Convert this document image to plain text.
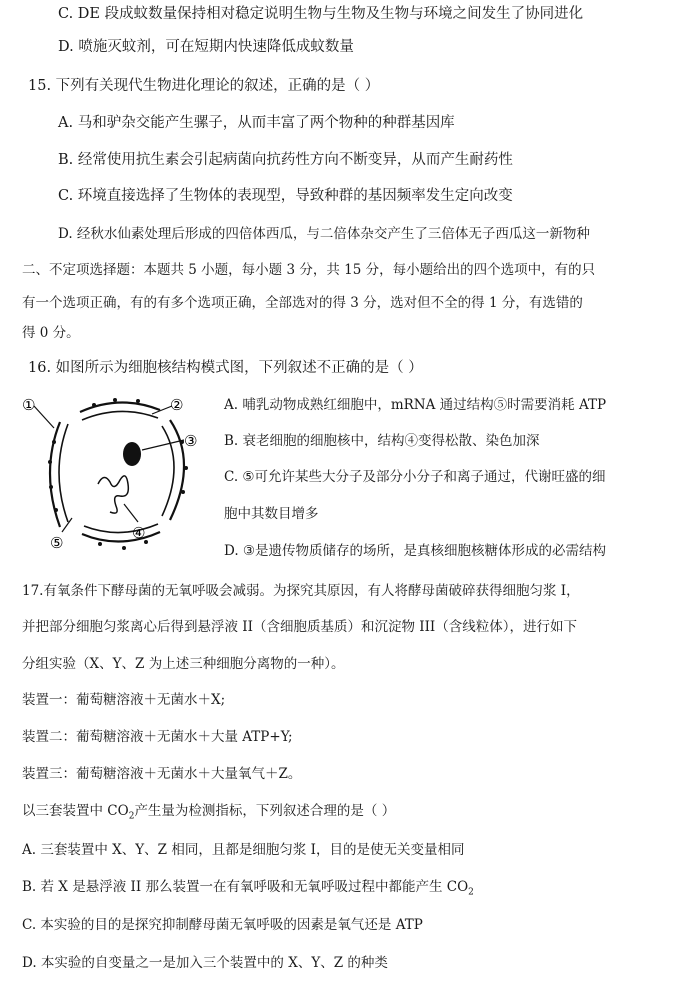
C. DE 段成蚊数量保持相对稳定说明生物与生物及生物与环境之间发生了协同进化
D. 喷施灭蚊剂，可在短期内快速降低成蚊数量
15. 下列有关现代生物进化理论的叙述，正确的是（ ）
A. 马和驴杂交能产生骡子，从而丰富了两个物种的种群基因库
B. 经常使用抗生素会引起病菌向抗药性方向不断变异，从而产生耐药性
C. 环境直接选择了生物体的表现型，导致种群的基因频率发生定向改变
D. 经秋水仙素处理后形成的四倍体西瓜，与二倍体杂交产生了三倍体无子西瓜这一新物种
二、不定项选择题：本题共 5 小题，每小题 3 分，共 15 分，每小题给出的四个选项中，有的只
有一个选项正确，有的有多个选项正确，全部选对的得 3 分，选对但不全的得 1 分，有选错的
得 0 分。
16. 如图所示为细胞核结构模式图，下列叙述不正确的是（ ）
①	②
③
④
⑤
A. 哺乳动物成熟红细胞中，mRNA 通过结构⑤时需要消耗 ATP
B. 衰老细胞的细胞核中，结构④变得松散、染色加深
C. ⑤可允许某些大分子及部分小分子和离子通过，代谢旺盛的细
胞中其数目增多
D. ③是遗传物质储存的场所，是真核细胞核糖体形成的必需结构
17.有氧条件下酵母菌的无氧呼吸会减弱。为探究其原因，有人将酵母菌破碎获得细胞匀浆 I，
并把部分细胞匀浆离心后得到悬浮液 II（含细胞质基质）和沉淀物 III（含线粒体），进行如下
分组实验（X、Y、Z 为上述三种细胞分离物的一种）。
装置一：葡萄糖溶液＋无菌水＋X;
装置二：葡萄糖溶液＋无菌水＋大量 ATP+Y;
装置三：葡萄糖溶液＋无菌水＋大量氧气＋Z。
以三套装置中 $CO_2$产生量为检测指标，下列叙述合理的是（ ）
A. 三套装置中 X、Y、Z 相同，且都是细胞匀浆 I，目的是使无关变量相同
B. 若 X 是悬浮液 II 那么装置一在有氧呼吸和无氧呼吸过程中都能产生 $CO_2$
C. 本实验的目的是探究抑制酵母菌无氧呼吸的因素是氧气还是 ATP
D. 本实验的自变量之一是加入三个装置中的 X、Y、Z 的种类
